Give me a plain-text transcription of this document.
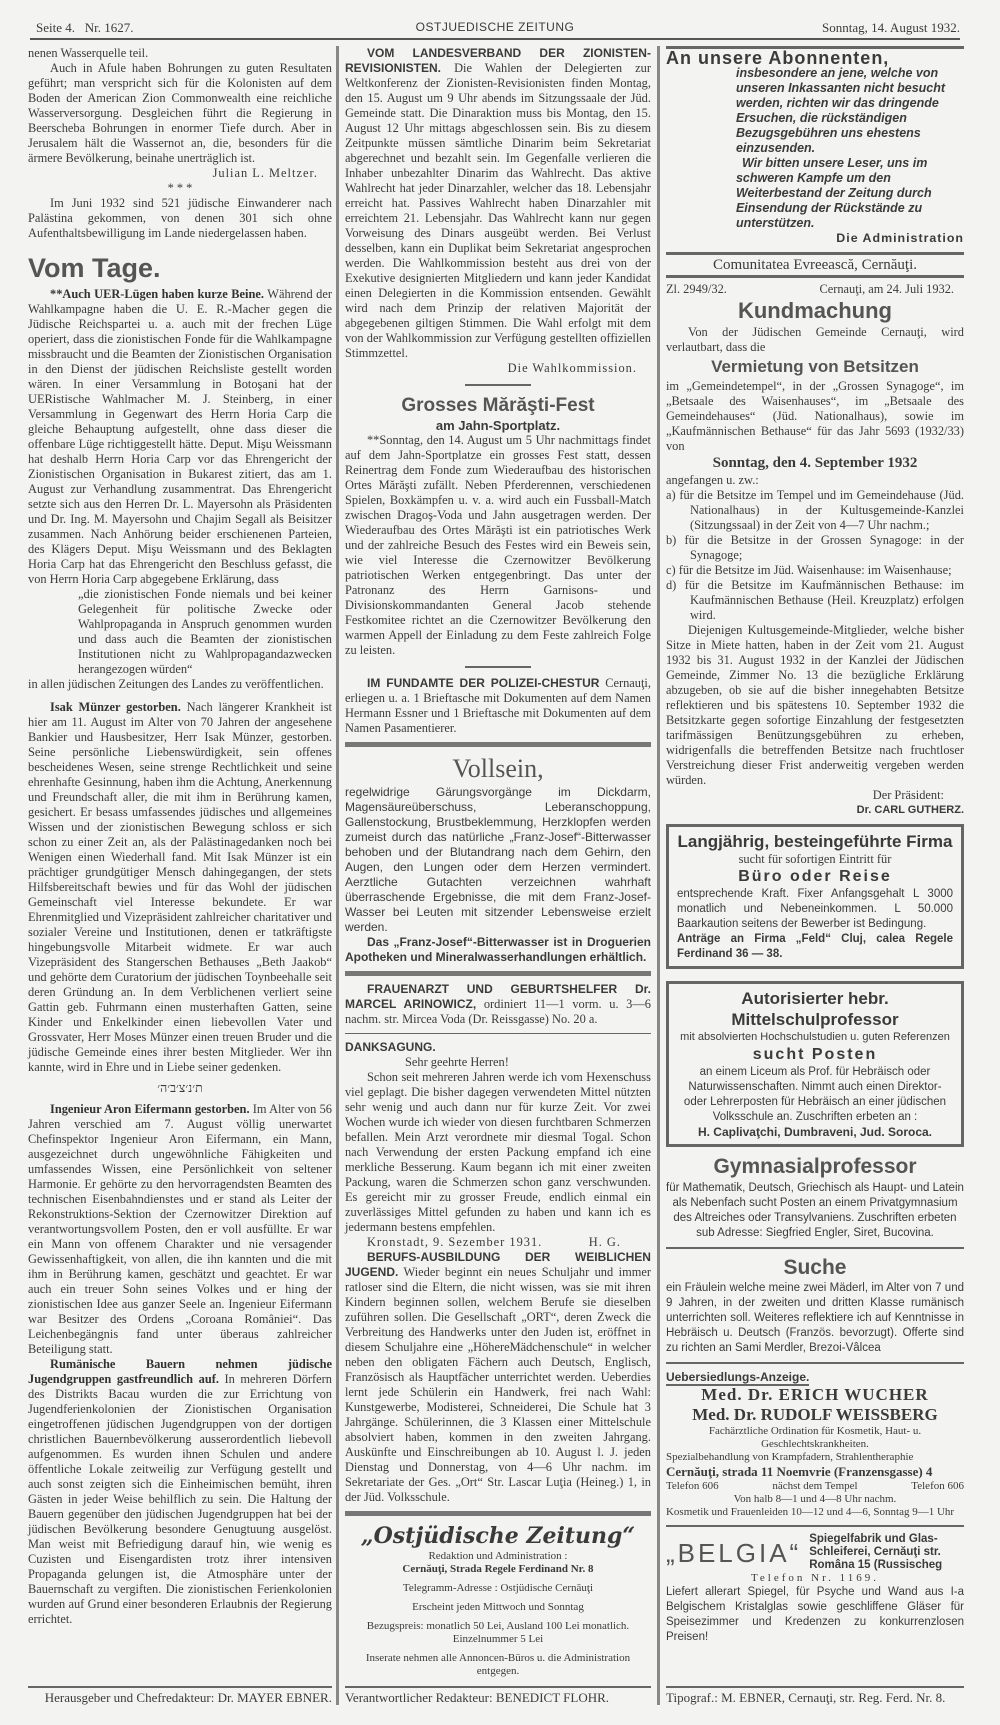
Seite 4. Nr. 1627.	OSTJUEDISCHE ZEITUNG	Sonntag, 14. August 1932.

nenen Wasserquelle teil.

Auch in Afule haben Bohrungen zu guten Resultaten geführt; man verspricht sich für die Kolonisten auf dem Boden der American Zion Commonwealth eine reichliche Wasserversorgung. Desgleichen führt die Regierung in Beerscheba Bohrungen in enormer Tiefe durch. Aber in Jerusalem hält die Wassernot an, die, besonders für die ärmere Bevölkerung, beinahe unerträglich ist.

Julian L. Meltzer.
* * *

Im Juni 1932 sind 521 jüdische Einwanderer nach Palästina gekommen, von denen 301 sich ohne Aufenthaltsbewilligung im Lande niedergelassen haben.

Vom Tage.

**Auch UER-Lügen haben kurze Beine. Während der Wahlkampagne haben die U. E. R.-Macher gegen die Jüdische Reichspartei u. a. auch mit der frechen Lüge operiert, dass die zionistischen Fonde für die Wahlkampagne missbraucht und die Beamten der Zionistischen Organisation in den Dienst der jüdischen Reichsliste gestellt worden wären. In einer Versammlung in Botoşani hat der UERistische Wahlmacher M. J. Steinberg, in einer Versammlung in Gegenwart des Herrn Horia Carp die gleiche Behauptung aufgestellt, ohne dass dieser die offenbare Lüge richtiggestellt hätte. Deput. Mişu Weissmann hat deshalb Herrn Horia Carp vor das Ehrengericht der Zionistischen Organisation in Bukarest zitiert, das am 1. August zur Verhandlung zusammentrat. Das Ehrengericht setzte sich aus den Herren Dr. L. Mayersohn als Präsidenten und Dr. Ing. M. Mayersohn und Chajim Segall als Beisitzer zusammen. Nach Anhörung beider erschienenen Parteien, des Klägers Deput. Mişu Weissmann und des Beklagten Horia Carp hat das Ehrengericht den Beschluss gefasst, die von Herrn Horia Carp abgegebene Erklärung, dass

„die zionistischen Fonde niemals und bei keiner Gelegenheit für politische Zwecke oder Wahlpropaganda in Anspruch genommen wurden und dass auch die Beamten der zionistischen Institutionen nicht zu Wahlpropagandazwecken herangezogen würden“

in allen jüdischen Zeitungen des Landes zu veröffentlichen.

Isak Münzer gestorben. Nach längerer Krankheit ist hier am 11. August im Alter von 70 Jahren der angesehene Bankier und Hausbesitzer, Herr Isak Münzer, gestorben. Seine persönliche Liebenswürdigkeit, sein offenes bescheidenes Wesen, seine strenge Rechtlichkeit und seine ehrenhafte Gesinnung, haben ihm die Achtung, Anerkennung und Freundschaft aller, die mit ihm in Berührung kamen, gesichert. Er besass umfassendes jüdisches und allgemeines Wissen und der zionistischen Bewegung schloss er sich schon zu einer Zeit an, als der Palästinagedanken noch bei Wenigen einen Wiederhall fand. Mit Isak Münzer ist ein prächtiger grundgütiger Mensch dahingegangen, der stets Hilfsbereitschaft bewies und für das Wohl der jüdischen Gemeinschaft viel Interesse bekundete. Er war Ehrenmitglied und Vizepräsident zahlreicher charitativer und sozialer Vereine und Institutionen, denen er tatkräftigste hingebungsvolle Mitarbeit widmete. Er war auch Vizepräsident des Stangerschen Bethauses „Beth Jaakob“ und gehörte dem Curatorium der jüdischen Toynbeehalle seit deren Gründung an. In dem Verblichenen verliert seine Gattin geb. Fuhrmann einen musterhaften Gatten, seine Kinder und Enkelkinder einen liebevollen Vater und Grossvater, Herr Moses Münzer einen treuen Bruder und die jüdische Gemeinde eines ihrer besten Mitglieder. Wer ihn kannte, wird in Ehre und in Liebe seiner gedenken.

ת׳נ׳צ׳ב׳ה׳

Ingenieur Aron Eifermann gestorben. Im Alter von 56 Jahren verschied am 7. August völlig unerwartet Chefinspektor Ingenieur Aron Eifermann, ein Mann, ausgezeichnet durch ungewöhnliche Fähigkeiten und umfassendes Wissen, eine Persönlichkeit von seltener Harmonie. Er gehörte zu den hervorragendsten Beamten des technischen Eisenbahndienstes und er stand als Leiter der Rekonstruktions-Sektion der Czernowitzer Direktion auf verantwortungsvollem Posten, den er voll ausfüllte. Er war ein Mann von offenem Charakter und nie versagender Gewissenhaftigkeit, von allen, die ihn kannten und die mit ihm in Berührung kamen, geschätzt und geachtet. Er war auch ein treuer Sohn seines Volkes und er hing der zionistischen Idee aus ganzer Seele an. Ingenieur Eifermann war Besitzer des Ordens „Coroana României“. Das Leichenbegängnis fand unter überaus zahlreicher Beteiligung statt.

Rumänische Bauern nehmen jüdische Jugendgruppen gastfreundlich auf. In mehreren Dörfern des Distrikts Bacau wurden die zur Errichtung von Jugendferienkolonien der Zionistischen Organisation eingetroffenen jüdischen Jugendgruppen von der dortigen christlichen Bauernbevölkerung ausserordentlich liebevoll aufgenommen. Es wurden ihnen Schulen und andere öffentliche Lokale zeitweilig zur Verfügung gestellt und auch sonst zeigten sich die Einheimischen bemüht, ihren Gästen in jeder Weise behilflich zu sein. Die Haltung der Bauern gegenüber den jüdischen Jugendgruppen hat bei der jüdischen Bevölkerung besondere Genugtuung ausgelöst. Man weist mit Befriedigung darauf hin, wie wenig es Cuzisten und Eisengardisten trotz ihrer intensiven Propaganda gelungen ist, die Atmosphäre unter der Bauernschaft zu vergiften. Die zionistischen Ferienkolonien wurden auf Grund einer besonderen Erlaubnis der Regierung errichtet.

Herausgeber und Chefredakteur: Dr. MAYER EBNER.

VOM LANDESVERBAND DER ZIONISTEN-REVISIONISTEN. Die Wahlen der Delegierten zur Weltkonferenz der Zionisten-Revisionisten finden Montag, den 15. August um 9 Uhr abends im Sitzungssaale der Jüd. Gemeinde statt. Die Dinaraktion muss bis Montag, den 15. August 12 Uhr mittags abgeschlossen sein. Bis zu diesem Zeitpunkte müssen sämtliche Dinarim beim Sekretariat abgerechnet und bezahlt sein. Im Gegenfalle verlieren die Inhaber unbezahlter Dinarim das Wahlrecht. Das aktive Wahlrecht hat jeder Dinarzahler, welcher das 18. Lebensjahr erreicht hat. Passives Wahlrecht haben Dinarzahler mit erreichtem 21. Lebensjahr. Das Wahlrecht kann nur gegen Vorweisung des Dinars ausgeübt werden. Bei Verlust desselben, kann ein Duplikat beim Sekretariat angesprochen werden. Die Wahlkommission besteht aus drei von der Exekutive designierten Mitgliedern und kann jeder Kandidat einen Delegierten in die Kommission entsenden. Gewählt wird nach dem Prinzip der relativen Majorität der abgegebenen giltigen Stimmen. Die Wahl erfolgt mit dem von der Wahlkommission zur Verfügung gestellten offiziellen Stimmzettel.

Die Wahlkommission.
Grosses Mărăşti-Fest
am Jahn-Sportplatz.

**Sonntag, den 14. August um 5 Uhr nachmittags findet auf dem Jahn-Sportplatze ein grosses Fest statt, dessen Reinertrag dem Fonde zum Wiederaufbau des historischen Ortes Mărăşti zufällt. Neben Pferderennen, verschiedenen Spielen, Boxkämpfen u. v. a. wird auch ein Fussball-Match zwischen Dragoş-Voda und Jahn ausgetragen werden. Der Wiederaufbau des Ortes Mărăşti ist ein patriotisches Werk und der zahlreiche Besuch des Festes wird ein Beweis sein, wie viel Interesse die Czernowitzer Bevölkerung patriotischen Werken entgegenbringt. Das unter der Patronanz des Herrn Garnisons- und Divisionskommandanten General Jacob stehende Festkomitee richtet an die Czernowitzer Bevölkerung den warmen Appell der Einladung zu dem Feste zahlreich Folge zu leisten.

IM FUNDAMTE DER POLIZEI-CHESTUR Cernauţi, erliegen u. a. 1 Brieftasche mit Dokumenten auf dem Namen Hermann Essner und 1 Brieftasche mit Dokumenten auf dem Namen Pasamentierer.

Vollsein,

regelwidrige Gärungsvorgänge im Dickdarm, Magensäureüberschuss, Leberanschoppung, Gallenstockung, Brustbeklemmung, Herzklopfen werden zumeist durch das natürliche „Franz-Josef“-Bitterwasser behoben und der Blutandrang nach dem Gehirn, den Augen, den Lungen oder dem Herzen vermindert. Aerztliche Gutachten verzeichnen wahrhaft überraschende Ergebnisse, die mit dem Franz-Josef-Wasser bei Leuten mit sitzender Lebensweise erzielt werden.

Das „Franz-Josef“-Bitterwasser ist in Droguerien Apotheken und Mineralwasserhandlungen erhältlich.

FRAUENARZT UND GEBURTSHELFER Dr. MARCEL ARINOWICZ, ordiniert 11—1 vorm. u. 3—6 nachm. str. Mircea Voda (Dr. Reissgasse) No. 20 a.

DANKSAGUNG.
Sehr geehrte Herren!

Schon seit mehreren Jahren werde ich vom Hexenschuss viel geplagt. Die bisher dagegen verwendeten Mittel nützten sehr wenig und auch dann nur für kurze Zeit. Vor zwei Wochen wurde ich wieder von diesen furchtbaren Schmerzen befallen. Mein Arzt verordnete mir diesmal Togal. Schon nach Verwendung der ersten Packung empfand ich eine merkliche Besserung. Kaum begann ich mit einer zweiten Packung, waren die Schmerzen schon ganz verschwunden. Es gereicht mir zu grosser Freude, endlich einmal ein zuverlässiges Mittel gefunden zu haben und kann ich es jedermann bestens empfehlen.

Kronstadt, 9. Sezember 1931.	H. G.

BERUFS-AUSBILDUNG DER WEIBLICHEN JUGEND. Wieder beginnt ein neues Schuljahr und immer ratloser sind die Eltern, die nicht wissen, was sie mit ihren Kindern beginnen sollen, welchem Berufe sie dieselben zuführen sollen. Die Gesellschaft „ORT“, deren Zweck die Verbreitung des Handwerks unter den Juden ist, eröffnet in diesem Schuljahre eine „HöhereMädchenschule“ in welcher neben den obligaten Fächern auch Deutsch, Englisch, Französisch als Hauptfächer unterrichtet werden. Ueberdies lernt jede Schülerin ein Handwerk, frei nach Wahl: Kunstgewerbe, Modisterei, Schneiderei, Die Schule hat 3 Jahrgänge. Schülerinnen, die 3 Klassen einer Mittelschule absolviert haben, kommen in den zweiten Jahrgang. Auskünfte und Einschreibungen ab 10. August l. J. jeden Dienstag und Donnerstag, von 4—6 Uhr nachm. im Sekretariate der Ges. „Ort“ Str. Lascar Luţia (Heineg.) 1, in der Jüd. Volksschule.

„Ostjüdische Zeitung“
Redaktion und Administration :
Cernăuţi, Strada Regele Ferdinand Nr. 8
Telegramm-Adresse : Ostjüdische Cernăuţi
Erscheint jeden Mittwoch und Sonntag
Bezugspreis: monatlich 50 Lei, Ausland 100 Lei monatlich. Einzelnummer 5 Lei
Inserate nehmen alle Annoncen-Büros u. die Administration entgegen.
Verantwortlicher Redakteur: BENEDICT FLOHR.
An unsere Abonnenten,
insbesondere an jene, welche von unseren Inkassanten nicht besucht werden, richten wir das dringende Ersuchen, die rückständigen Bezugsgebühren uns ehestens einzusenden.
Wir bitten unsere Leser, uns im schweren Kampfe um den Weiterbestand der Zeitung durch Einsendung der Rückstände zu unterstützen.
Die Administration
Comunitatea Evreească, Cernăuţi.
Zl. 2949/32.	Cernauţi, am 24. Juli 1932.
Kundmachung

Von der Jüdischen Gemeinde Cernauţi, wird verlautbart, dass die

Vermietung von Betsitzen

im „Gemeindetempel“, in der „Grossen Synagoge“, im „Betsaale des Waisenhauses“, im „Betsaale des Gemeindehauses“ (Jüd. Nationalhaus), sowie im „Kaufmännischen Bethause“ für das Jahr 5693 (1932/33) von

Sonntag, den 4. September 1932

angefangen u. zw.:

a) für die Betsitze im Tempel und im Gemeindehause (Jüd. Nationalhaus) in der Kultusgemeinde-Kanzlei (Sitzungssaal) in der Zeit von 4—7 Uhr nachm.;
b) für die Betsitze in der Grossen Synagoge: in der Synagoge;
c) für die Betsitze im Jüd. Waisenhause: im Waisenhause;
d) für die Betsitze im Kaufmännischen Bethause: im Kaufmännischen Bethause (Heil. Kreuzplatz) erfolgen wird.

Diejenigen Kultusgemeinde-Mitglieder, welche bisher Sitze in Miete hatten, haben in der Zeit vom 21. August 1932 bis 31. August 1932 in der Kanzlei der Jüdischen Gemeinde, Zimmer No. 13 die bezügliche Erklärung abzugeben, ob sie auf die bisher innegehabten Betsitze reflektieren und bis spätestens 10. September 1932 die Betsitzkarte gegen sofortige Einzahlung der festgesetzten tarifmässigen Benützungsgebühren zu erheben, widrigenfalls die betreffenden Betsitze nach fruchtloser Verstreichung dieser Frist anderweitig vergeben werden würden.

Der Präsident:
Dr. CARL GUTHERZ.
Langjährig, besteingeführte Firma
sucht für sofortigen Eintritt für
Büro oder Reise
entsprechende Kraft. Fixer Anfangsgehalt L 3000 monatlich und Nebeneinkommen. L 50.000 Baarkaution seitens der Bewerber ist Bedingung.
Anträge an Firma „Feld“ Cluj, calea Regele Ferdinand 36 — 38.
Autorisierter hebr. Mittelschulprofessor
mit absolvierten Hochschulstudien u. guten Referenzen
sucht Posten
an einem Liceum als Prof. für Hebräisch oder Naturwissenschaften. Nimmt auch einen Direktor-oder Lehrerposten für Hebräisch an einer jüdischen Volksschule an. Zuschriften erbeten an :
H. Caplivaţchi, Dumbraveni, Jud. Soroca.
Gymnasialprofessor
für Mathematik, Deutsch, Griechisch als Haupt- und Latein als Nebenfach sucht Posten an einem Privatgymnasium des Altreiches oder Transylvaniens. Zuschriften erbeten sub Adresse: Siegfried Engler, Siret, Bucovina.
Suche
ein Fräulein welche meine zwei Mäderl, im Alter von 7 und 9 Jahren, in der zweiten und dritten Klasse rumänisch unterrichten soll. Weiteres reflektiere ich auf Kenntnisse in Hebräisch u. Deutsch (Französ. bevorzugt). Offerte sind zu richten an Sami Merdler, Brezoi-Vâlcea
Uebersiedlungs-Anzeige.
Med. Dr. ERICH WUCHER
Med. Dr. RUDOLF WEISSBERG
Fachärztliche Ordination für Kosmetik, Haut- u. Geschlechtskrankheiten.
Spezialbehandlung von Krampfadern, Strahlentheraphie
Cernăuţi, strada 11 Noemvrie (Franzensgasse) 4
Telefon 606	nächst dem Tempel	Telefon 606
Von halb 8—1 und 4—8 Uhr nachm.
Kosmetik und Frauenleiden 10—12 und 4—6, Sonntag 9—1 Uhr
„BELGIA“ Spiegelfabrik und Glas-Schleiferei, Cernăuţi str. Româna 15 (Russischeg
Telefon Nr. 1169.
Liefert allerart Spiegel, für Psyche und Wand aus I-a Belgischem Kristalglas sowie geschliffene Gläser für Speisezimmer und Kredenzen zu konkurrenzlosen Preisen!
Tipograf.: M. EBNER, Cernauţi, str. Reg. Ferd. Nr. 8.
